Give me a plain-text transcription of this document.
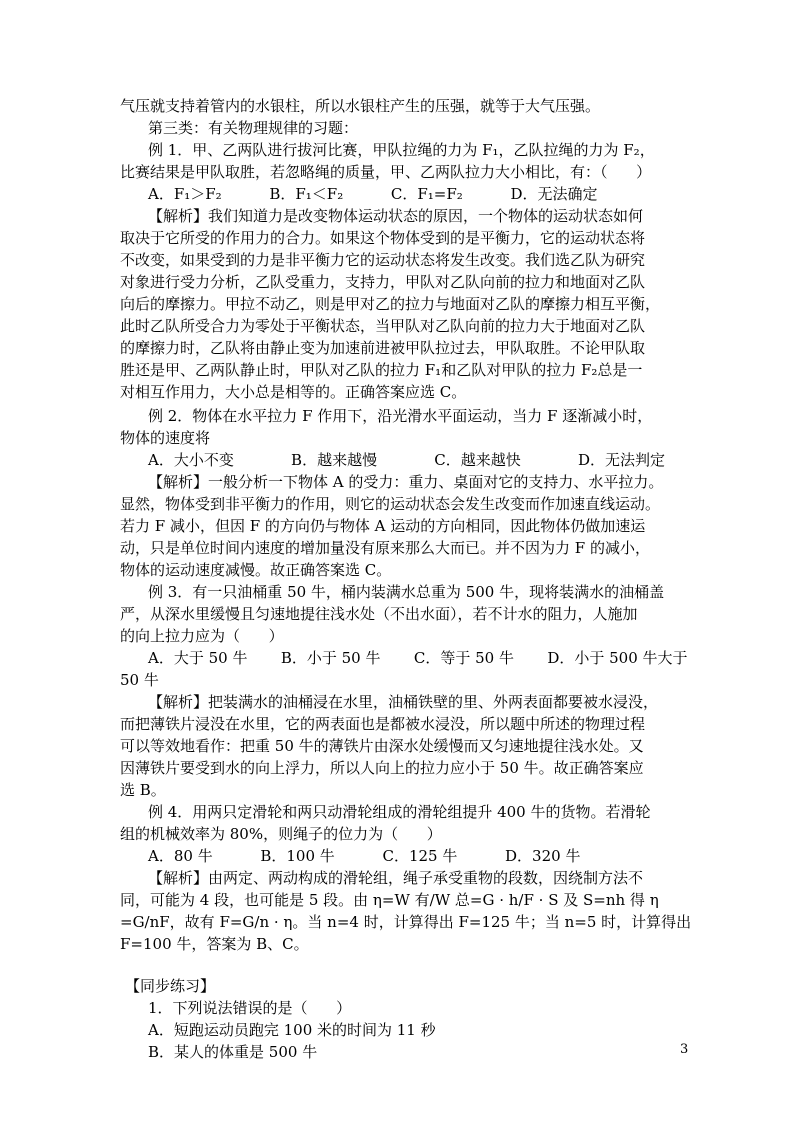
气压就支持着管内的水银柱，所以水银柱产生的压强，就等于大气压强。
第三类：有关物理规律的习题：
例 1．甲、乙两队进行拔河比赛，甲队拉绳的力为 F₁，乙队拉绳的力为 F₂，
比赛结果是甲队取胜，若忽略绳的质量，甲、乙两队拉力大小相比，有：（      ）
A．F₁＞F₂          B．F₁＜F₂          C．F₁=F₂          D．无法确定
【解析】我们知道力是改变物体运动状态的原因，一个物体的运动状态如何
取决于它所受的作用力的合力。如果这个物体受到的是平衡力，它的运动状态将
不改变，如果受到的力是非平衡力它的运动状态将发生改变。我们选乙队为研究
对象进行受力分析，乙队受重力，支持力，甲队对乙队向前的拉力和地面对乙队
向后的摩擦力。甲拉不动乙，则是甲对乙的拉力与地面对乙队的摩擦力相互平衡，
此时乙队所受合力为零处于平衡状态，当甲队对乙队向前的拉力大于地面对乙队
的摩擦力时，乙队将由静止变为加速前进被甲队拉过去，甲队取胜。不论甲队取
胜还是甲、乙两队静止时，甲队对乙队的拉力 F₁和乙队对甲队的拉力 F₂总是一
对相互作用力，大小总是相等的。正确答案应选 C。
例 2．物体在水平拉力 F 作用下，沿光滑水平面运动，当力 F 逐渐减小时，
物体的速度将
A．大小不变            B．越来越慢            C．越来越快            D．无法判定
【解析】一般分析一下物体 A 的受力：重力、桌面对它的支持力、水平拉力。
显然，物体受到非平衡力的作用，则它的运动状态会发生改变而作加速直线运动。
若力 F 减小，但因 F 的方向仍与物体 A 运动的方向相同，因此物体仍做加速运
动，只是单位时间内速度的增加量没有原来那么大而已。并不因为力 F 的减小，
物体的运动速度减慢。故正确答案选 C。
例 3．有一只油桶重 50 牛，桶内装满水总重为 500 牛，现将装满水的油桶盖
严，从深水里缓慢且匀速地提往浅水处（不出水面），若不计水的阻力，人施加
的向上拉力应为（      ）
A．大于 50 牛       B．小于 50 牛       C．等于 50 牛       D．小于 500 牛大于
50 牛
【解析】把装满水的油桶浸在水里，油桶铁壁的里、外两表面都要被水浸没，
而把薄铁片浸没在水里，它的两表面也是都被水浸没，所以题中所述的物理过程
可以等效地看作：把重 50 牛的薄铁片由深水处缓慢而又匀速地提往浅水处。又
因薄铁片要受到水的向上浮力，所以人向上的拉力应小于 50 牛。故正确答案应
选 B。
例 4．用两只定滑轮和两只动滑轮组成的滑轮组提升 400 牛的货物。若滑轮
组的机械效率为 80%，则绳子的位力为（      ）
A．80 牛          B．100 牛          C．125 牛          D．320 牛
【解析】由两定、两动构成的滑轮组，绳子承受重物的段数，因绕制方法不
同，可能为 4 段，也可能是 5 段。由 η=W 有/W 总=G · h/F · S 及 S=nh 得 η
=G/nF，故有 F=G/n · η。当 n=4 时，计算得出 F=125 牛；当 n=5 时，计算得出
F=100 牛，答案为 B、C。
【同步练习】
1．下列说法错误的是（      ）
A．短跑运动员跑完 100 米的时间为 11 秒
B．某人的体重是 500 牛	3
